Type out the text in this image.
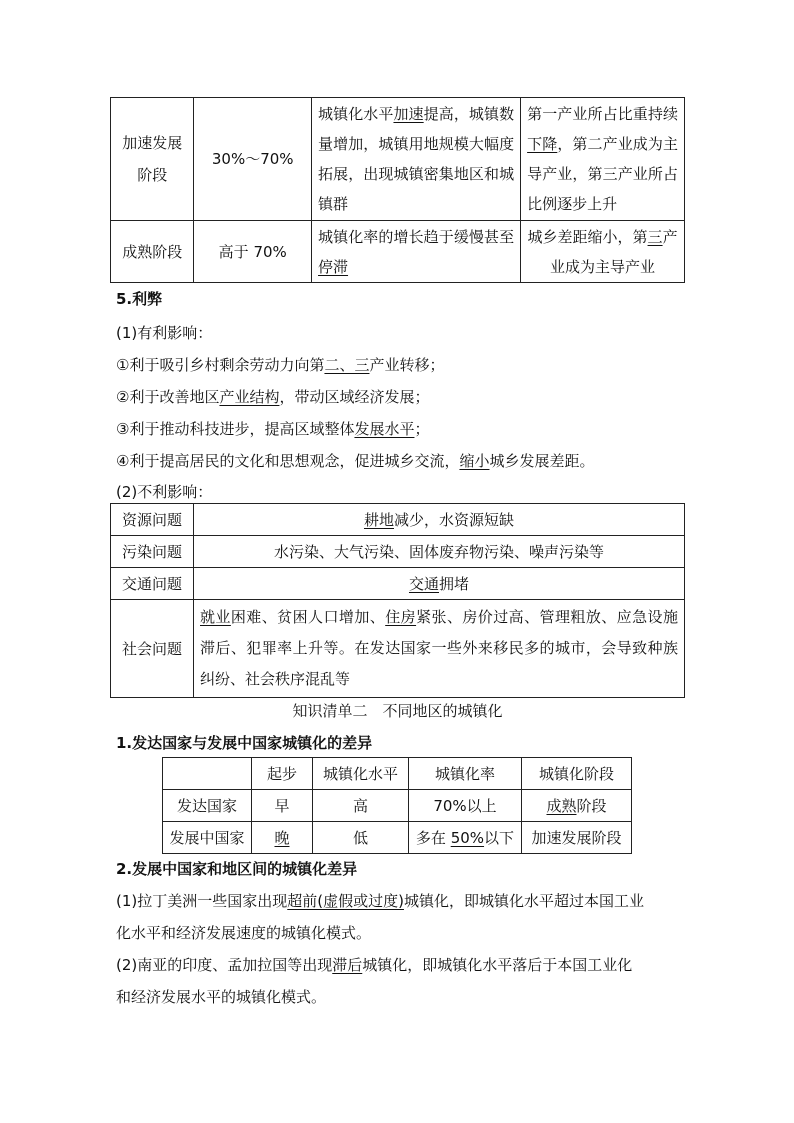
加速发展阶段	30%～70%	城镇化水平加速提高，城镇数量增加，城镇用地规模大幅度拓展，出现城镇密集地区和城镇群	第一产业所占比重持续下降，第二产业成为主导产业，第三产业所占比例逐步上升
成熟阶段	高于 70%	城镇化率的增长趋于缓慢甚至停滞	城乡差距缩小，第三产业成为主导产业
5.利弊
(1)有利影响：
①利于吸引乡村剩余劳动力向第二、三产业转移；
②利于改善地区产业结构，带动区域经济发展；
③利于推动科技进步，提高区域整体发展水平；
④利于提高居民的文化和思想观念，促进城乡交流，缩小城乡发展差距。
(2)不利影响：
资源问题	耕地减少，水资源短缺
污染问题	水污染、大气污染、固体废弃物污染、噪声污染等
交通问题	交通拥堵
社会问题	就业困难、贫困人口增加、住房紧张、房价过高、管理粗放、应急设施滞后、犯罪率上升等。在发达国家一些外来移民多的城市，会导致种族纠纷、社会秩序混乱等
知识清单二　不同地区的城镇化
1.发达国家与发展中国家城镇化的差异
	起步	城镇化水平	城镇化率	城镇化阶段
发达国家	早	高	70%以上	成熟阶段
发展中国家	晚	低	多在 50%以下	加速发展阶段
2.发展中国家和地区间的城镇化差异
(1)拉丁美洲一些国家出现超前(虚假或过度)城镇化，即城镇化水平超过本国工业
化水平和经济发展速度的城镇化模式。
(2)南亚的印度、孟加拉国等出现滞后城镇化，即城镇化水平落后于本国工业化
和经济发展水平的城镇化模式。
